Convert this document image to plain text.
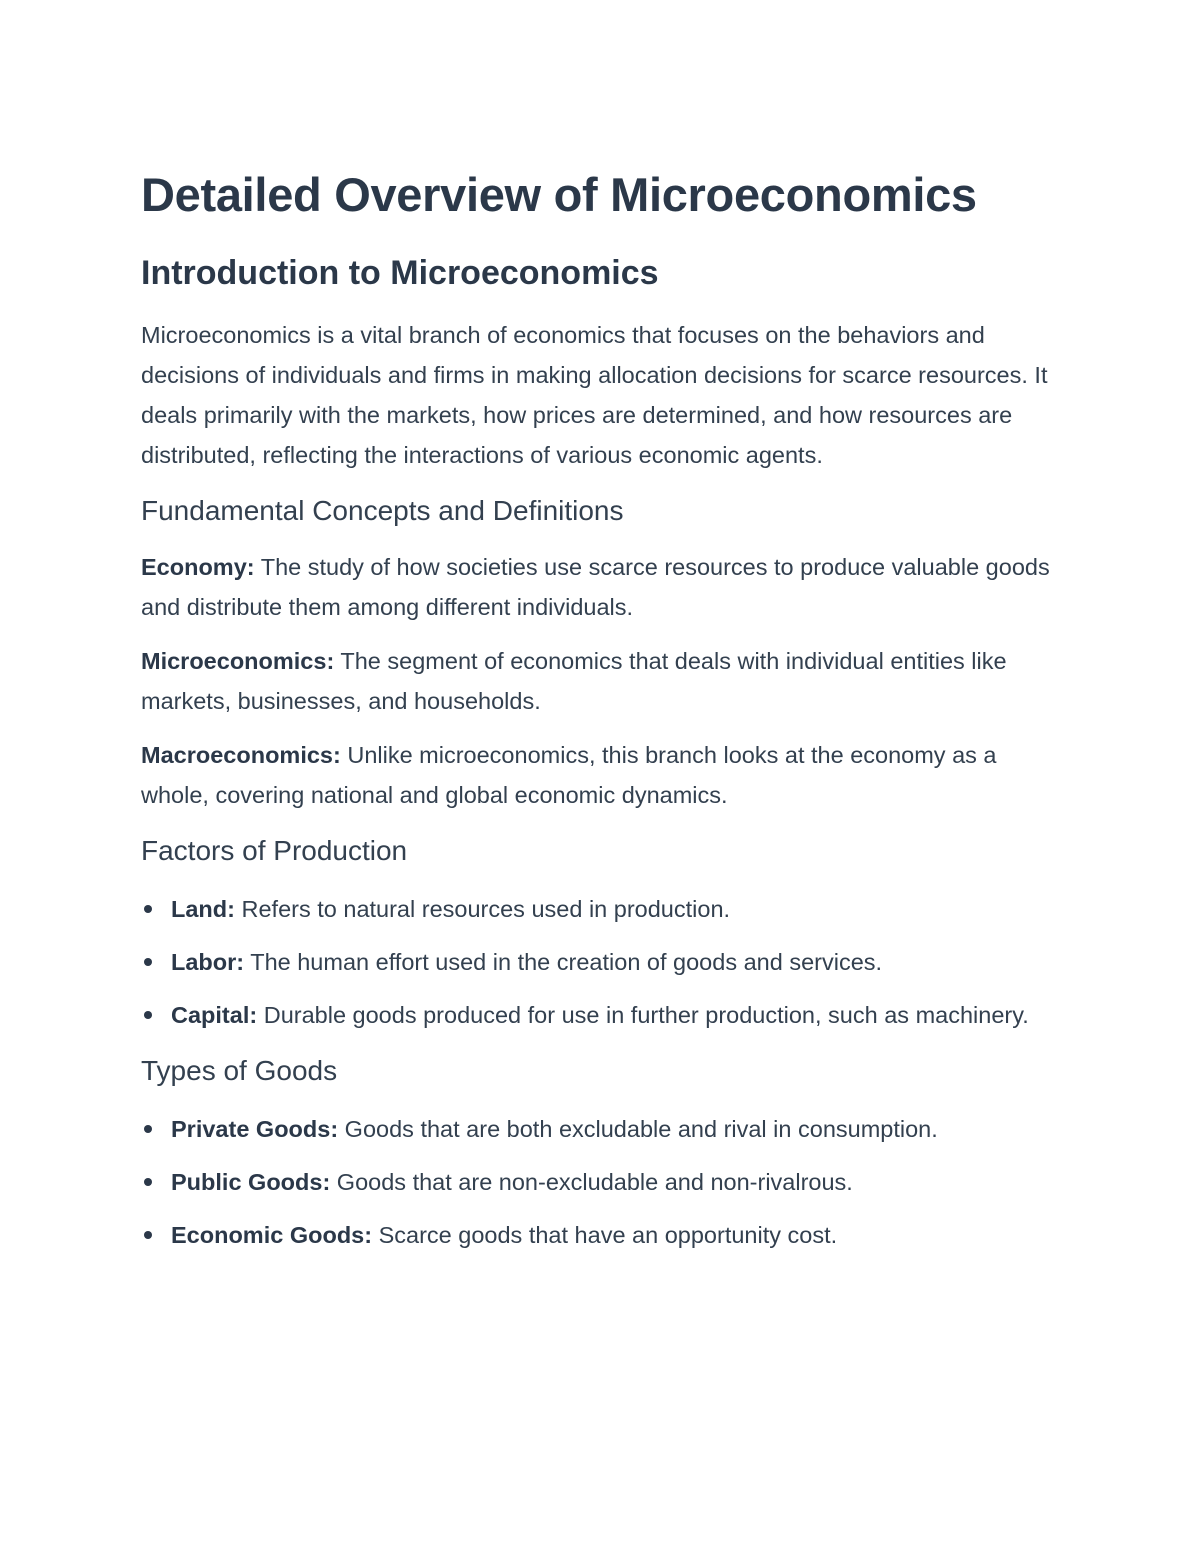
Detailed Overview of Microeconomics
Introduction to Microeconomics

Microeconomics is a vital branch of economics that focuses on the behaviors and decisions of individuals and firms in making allocation decisions for scarce resources. It deals primarily with the markets, how prices are determined, and how resources are distributed, reflecting the interactions of various economic agents.

Fundamental Concepts and Definitions

Economy: The study of how societies use scarce resources to produce valuable goods and distribute them among different individuals.

Microeconomics: The segment of economics that deals with individual entities like markets, businesses, and households.

Macroeconomics: Unlike microeconomics, this branch looks at the economy as a whole, covering national and global economic dynamics.

Factors of Production
Land: Refers to natural resources used in production.
Labor: The human effort used in the creation of goods and services.
Capital: Durable goods produced for use in further production, such as machinery.
Types of Goods
Private Goods: Goods that are both excludable and rival in consumption.
Public Goods: Goods that are non-excludable and non-rivalrous.
Economic Goods: Scarce goods that have an opportunity cost.
